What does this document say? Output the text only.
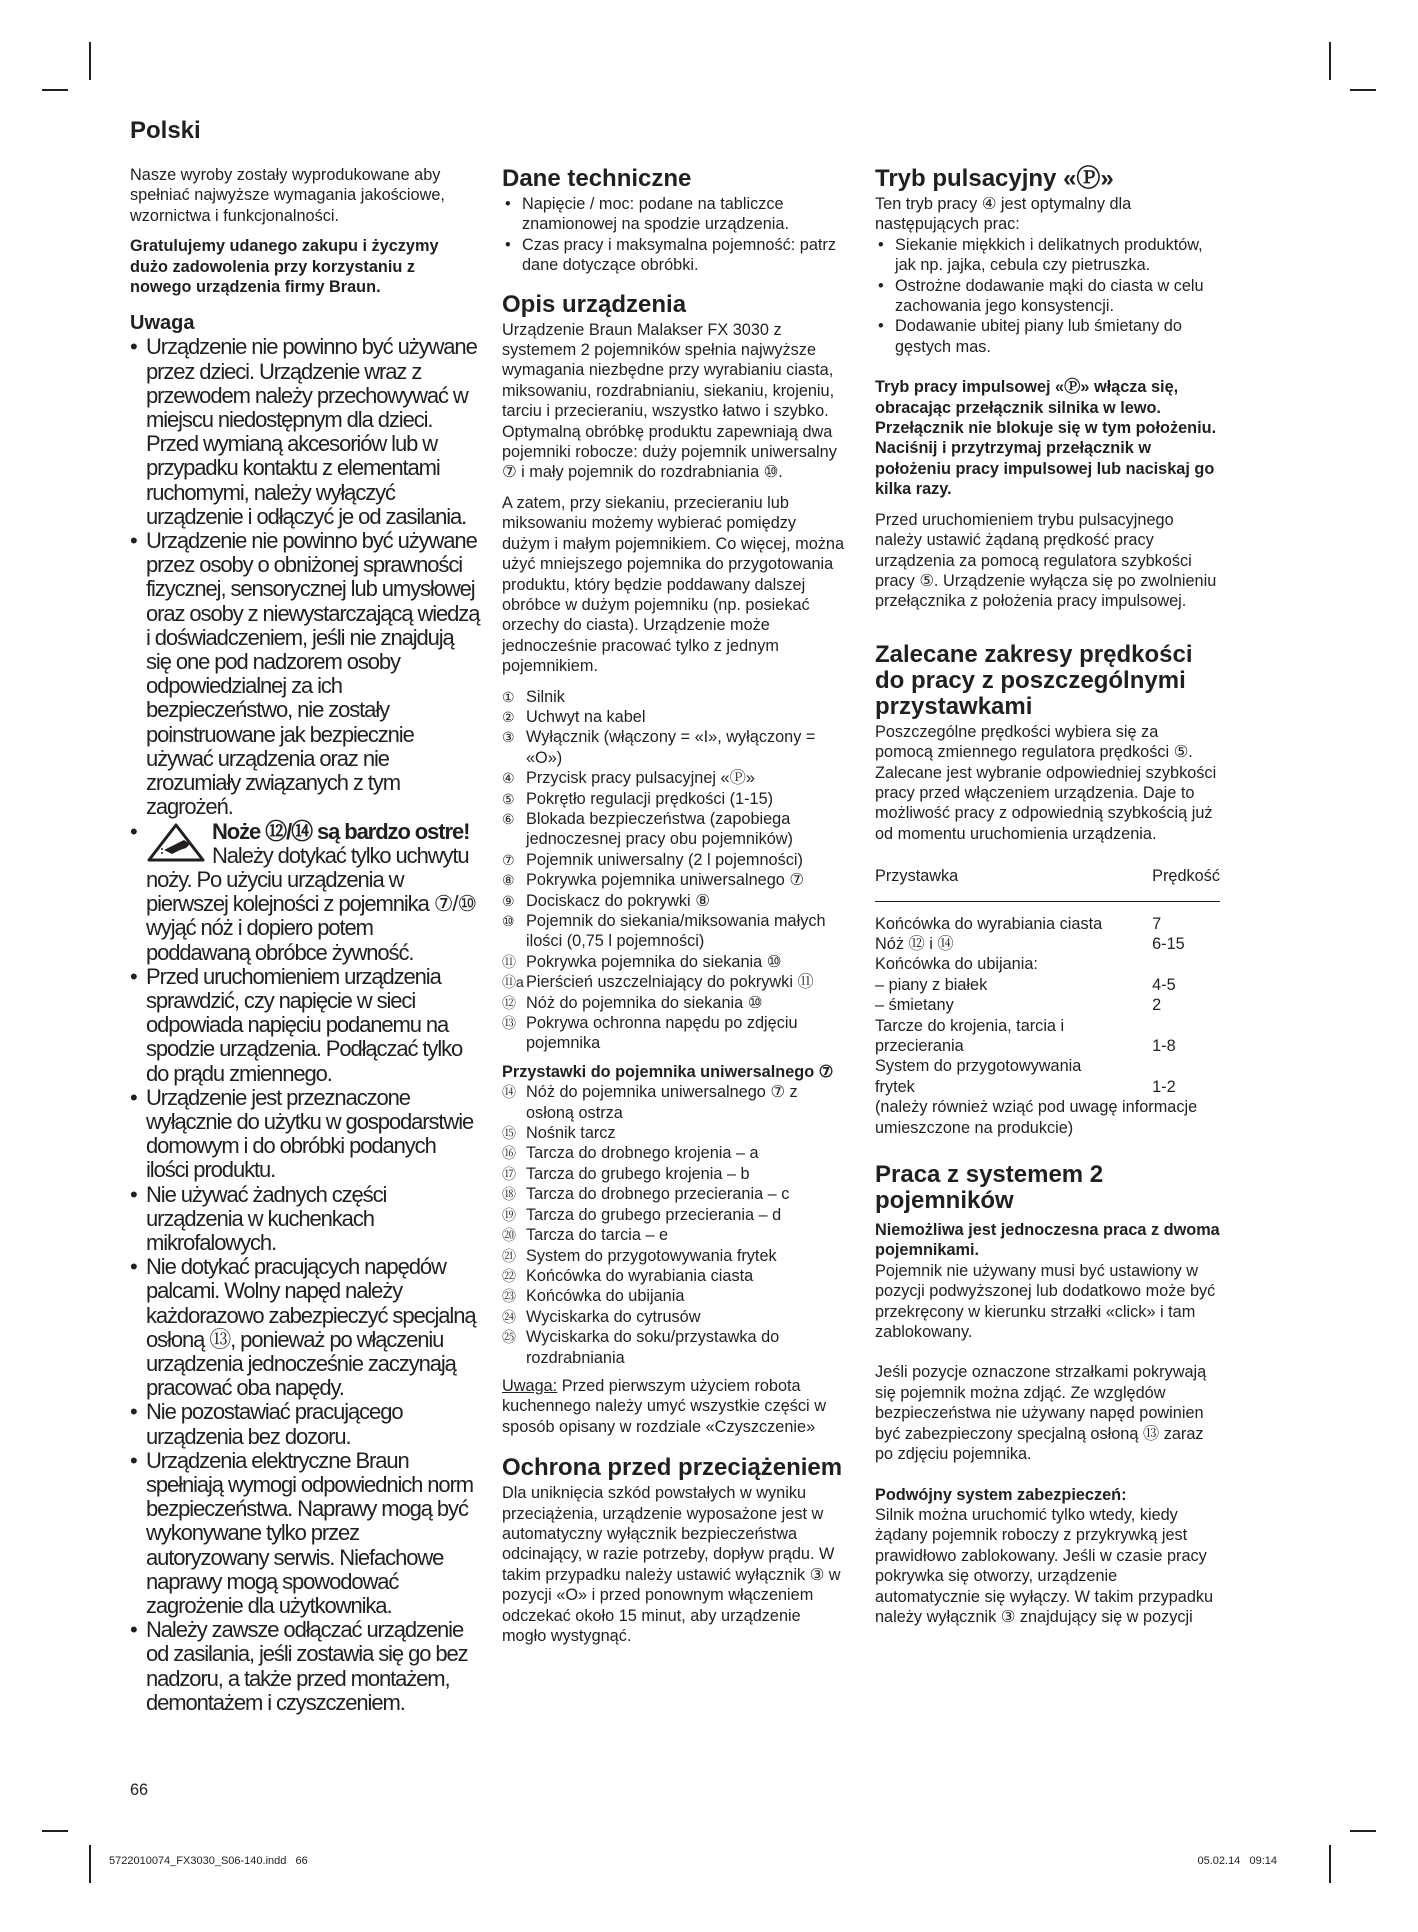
Polski

Nasze wyroby zostały wyprodukowane aby spełniać najwyższe wymagania jakościowe, wzornictwa i funkcjonalności.

Gratulujemy udanego zakupu i życzymy dużo zadowolenia przy korzystaniu z nowego urządzenia firmy Braun.

Uwaga
• Urządzenie nie powinno być używane przez dzieci. Urządzenie wraz z przewodem należy przechowywać w miejscu niedostępnym dla dzieci. Przed wymianą akcesoriów lub w przypadku kontaktu z elementami ruchomymi, należy wyłączyć urządzenie i odłączyć je od zasilania.
• Urządzenie nie powinno być używane przez osoby o obniżonej sprawności fizycznej, sensorycznej lub umysłowej oraz osoby z niewystarczającą wiedzą i doświadczeniem, jeśli nie znajdują się one pod nadzorem osoby odpowiedzialnej za ich bezpieczeństwo, nie zostały poinstruowane jak bezpiecznie używać urządzenia oraz nie zrozumiały związanych z tym zagrożeń.
• Noże ⑫/⑭ są bardzo ostre! Należy dotykać tylko uchwytu noży. Po użyciu urządzenia w pierwszej kolejności z pojemnika ⑦/⑩ wyjąć nóż i dopiero potem poddawaną obróbce żywność.
• Przed uruchomieniem urządzenia sprawdzić, czy napięcie w sieci odpowiada napięciu podanemu na spodzie urządzenia. Podłączać tylko do prądu zmiennego.
• Urządzenie jest przeznaczone wyłącznie do użytku w gospodarstwie domowym i do obróbki podanych ilości produktu.
• Nie używać żadnych części urządzenia w kuchenkach mikrofalowych.
• Nie dotykać pracujących napędów palcami. Wolny napęd należy każdorazowo zabezpieczyć specjalną osłoną ⑬, ponieważ po włączeniu urządzenia jednocześnie zaczynają pracować oba napędy.
• Nie pozostawiać pracującego urządzenia bez dozoru.
• Urządzenia elektryczne Braun spełniają wymogi odpowiednich norm bezpieczeństwa. Naprawy mogą być wykonywane tylko przez autoryzowany serwis. Niefachowe naprawy mogą spowodować zagrożenie dla użytkownika.
• Należy zawsze odłączać urządzenie od zasilania, jeśli zostawia się go bez nadzoru, a także przed montażem, demontażem i czyszczeniem.
Dane techniczne
• Napięcie / moc: podane na tabliczce znamionowej na spodzie urządzenia.
• Czas pracy i maksymalna pojemność: patrz dane dotyczące obróbki.
Opis urządzenia

Urządzenie Braun Malakser FX 3030 z systemem 2 pojemników spełnia najwyższe wymagania niezbędne przy wyrabianiu ciasta, miksowaniu, rozdrabnianiu, siekaniu, krojeniu, tarciu i przecieraniu, wszystko łatwo i szybko. Optymalną obróbkę produktu zapewniają dwa pojemniki robocze: duży pojemnik uniwersalny ⑦ i mały pojemnik do rozdrabniania ⑩.

A zatem, przy siekaniu, przecieraniu lub miksowaniu możemy wybierać pomiędzy dużym i małym pojemnikiem. Co więcej, można użyć mniejszego pojemnika do przygotowania produktu, który będzie poddawany dalszej obróbce w dużym pojemniku (np. posiekać orzechy do ciasta). Urządzenie może jednocześnie pracować tylko z jednym pojemnikiem.

① Silnik
② Uchwyt na kabel
③ Wyłącznik (włączony = «I», wyłączony = «O»)
④ Przycisk pracy pulsacyjnej «Ⓟ»
⑤ Pokrętło regulacji prędkości (1-15)
⑥ Blokada bezpieczeństwa (zapobiega jednoczesnej pracy obu pojemników)
⑦ Pojemnik uniwersalny (2 l pojemności)
⑧ Pokrywka pojemnika uniwersalnego ⑦
⑨ Dociskacz do pokrywki ⑧
⑩ Pojemnik do siekania/miksowania małych ilości (0,75 l pojemności)
⑪ Pokrywka pojemnika do siekania ⑩
⑪a Pierścień uszczelniający do pokrywki ⑪
⑫ Nóż do pojemnika do siekania ⑩
⑬ Pokrywa ochronna napędu po zdjęciu pojemnika
Przystawki do pojemnika uniwersalnego ⑦
⑭ Nóż do pojemnika uniwersalnego ⑦ z osłoną ostrza
⑮ Nośnik tarcz
⑯ Tarcza do drobnego krojenia – a
⑰ Tarcza do grubego krojenia – b
⑱ Tarcza do drobnego przecierania – c
⑲ Tarcza do grubego przecierania – d
⑳ Tarcza do tarcia – e
㉑ System do przygotowywania frytek
㉒ Końcówka do wyrabiania ciasta
㉓ Końcówka do ubijania
㉔ Wyciskarka do cytrusów
㉕ Wyciskarka do soku/przystawka do rozdrabniania

Uwaga: Przed pierwszym użyciem robota kuchennego należy umyć wszystkie części w sposób opisany w rozdziale «Czyszczenie»

Ochrona przed przeciążeniem

Dla uniknięcia szkód powstałych w wyniku przeciążenia, urządzenie wyposażone jest w automatyczny wyłącznik bezpieczeństwa odcinający, w razie potrzeby, dopływ prądu. W takim przypadku należy ustawić wyłącznik ③ w pozycji «O» i przed ponownym włączeniem odczekać około 15 minut, aby urządzenie mogło wystygnąć.

Tryb pulsacyjny «Ⓟ»

Ten tryb pracy ④ jest optymalny dla następujących prac:

• Siekanie miękkich i delikatnych produktów, jak np. jajka, cebula czy pietruszka.
• Ostrożne dodawanie mąki do ciasta w celu zachowania jego konsystencji.
• Dodawanie ubitej piany lub śmietany do gęstych mas.

Tryb pracy impulsowej «Ⓟ» włącza się, obracając przełącznik silnika w lewo. Przełącznik nie blokuje się w tym położeniu. Naciśnij i przytrzymaj przełącznik w położeniu pracy impulsowej lub naciskaj go kilka razy.

Przed uruchomieniem trybu pulsacyjnego należy ustawić żądaną prędkość pracy urządzenia za pomocą regulatora szybkości pracy ⑤. Urządzenie wyłącza się po zwolnieniu przełącznika z położenia pracy impulsowej.

Zalecane zakresy prędkości do pracy z poszczególnymi przystawkami

Poszczególne prędkości wybiera się za pomocą zmiennego regulatora prędkości ⑤. Zalecane jest wybranie odpowiedniej szybkości pracy przed włączeniem urządzenia. Daje to możliwość pracy z odpowiednią szybkością już od momentu uruchomienia urządzenia.

Przystawka	Prędkość
Końcówka do wyrabiania ciasta	7
Nóż ⑫ i ⑭	6-15
Końcówka do ubijania:	
– piany z białek	4-5
– śmietany	2
Tarcze do krojenia, tarcia i	
przecierania	1-8
System do przygotowywania	
frytek	1-2

(należy również wziąć pod uwagę informacje umieszczone na produkcie)

Praca z systemem 2 pojemników
Niemożliwa jest jednoczesna praca z dwoma pojemnikami.

Pojemnik nie używany musi być ustawiony w pozycji podwyższonej lub dodatkowo może być przekręcony w kierunku strzałki «click» i tam zablokowany.

Jeśli pozycje oznaczone strzałkami pokrywają się pojemnik można zdjąć. Ze względów bezpieczeństwa nie używany napęd powinien być zabezpieczony specjalną osłoną ⑬ zaraz po zdjęciu pojemnika.

Podwójny system zabezpieczeń:

Silnik można uruchomić tylko wtedy, kiedy żądany pojemnik roboczy z przykrywką jest prawidłowo zablokowany. Jeśli w czasie pracy pokrywka się otworzy, urządzenie automatycznie się wyłączy. W takim przypadku należy wyłącznik ③ znajdujący się w pozycji

66
5722010074_FX3030_S06-140.indd   66	05.02.14   09:14
